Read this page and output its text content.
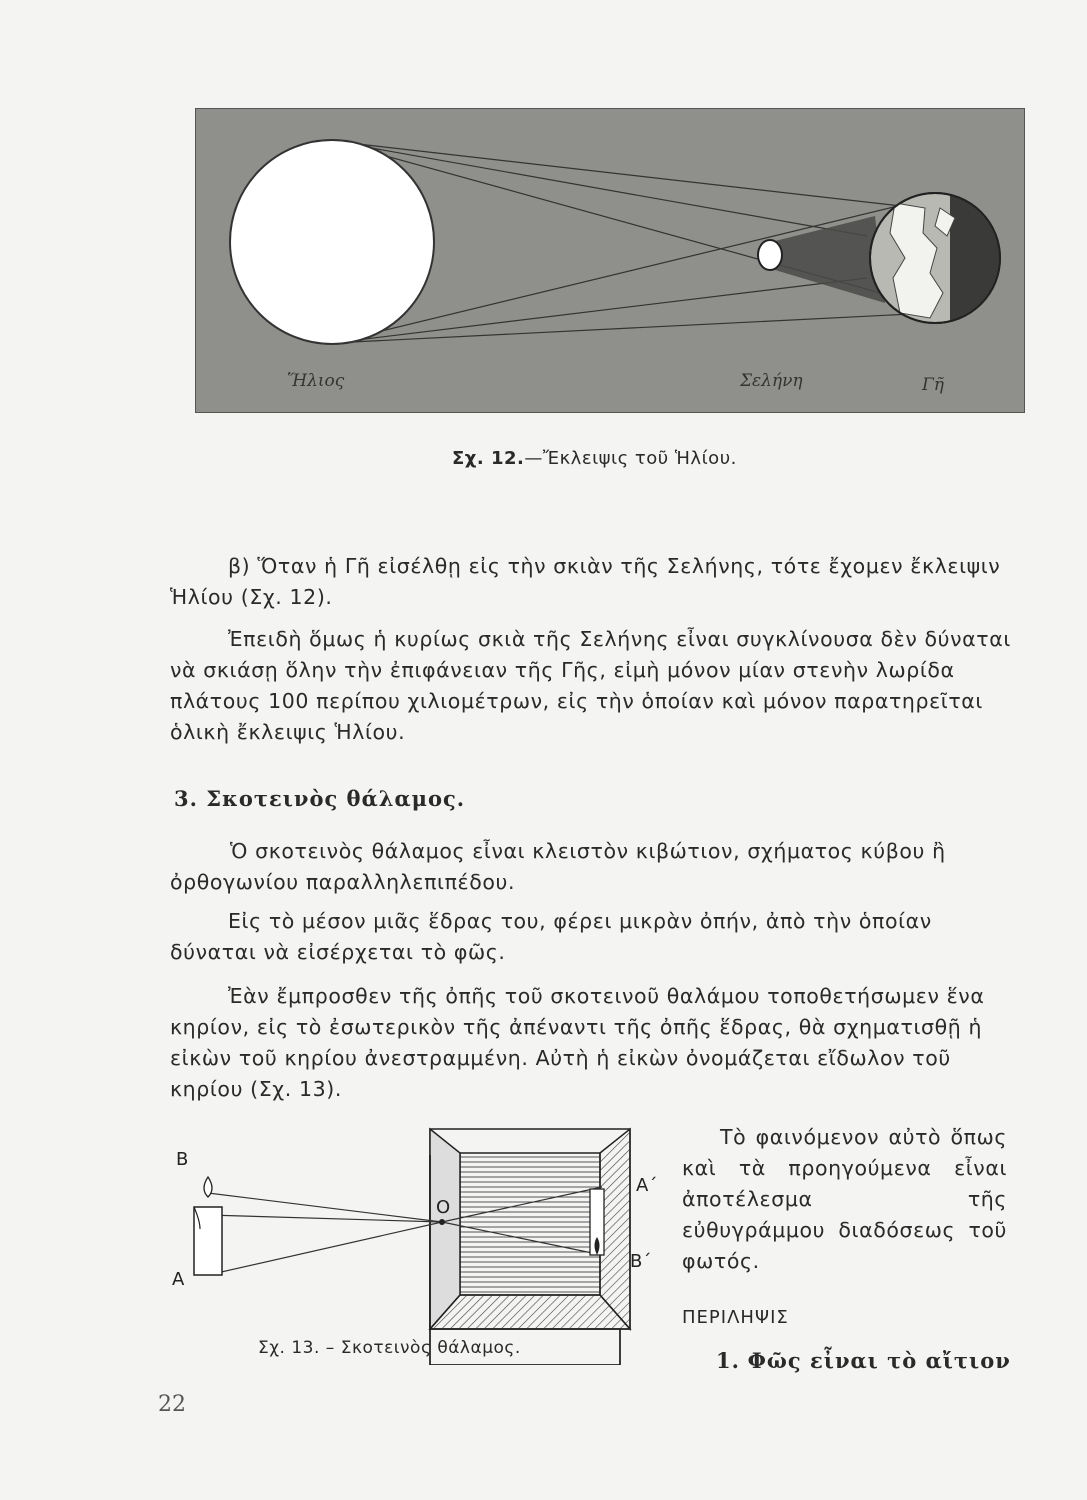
Ἥλιος	Σελήνη	Γῆ
Σχ. 12.—Ἔκλειψις τοῦ Ἡλίου.

β) Ὅταν ἡ Γῆ εἰσέλθῃ εἰς τὴν σκιὰν τῆς Σελήνης, τότε ἔχομεν ἔκλειψιν Ἡλίου (Σχ. 12).

Ἐπειδὴ ὅμως ἡ κυρίως σκιὰ τῆς Σελήνης εἶναι συγκλίνουσα δὲν δύναται νὰ σκιάσῃ ὅλην τὴν ἐπιφάνειαν τῆς Γῆς, εἰμὴ μόνον μίαν στενὴν λωρίδα πλάτους 100 περίπου χιλιομέτρων, εἰς τὴν ὁποίαν καὶ μόνον παρατηρεῖται ὁλικὴ ἔκλειψις Ἡλίου.

3. Σκοτεινὸς θάλαμος.

Ὁ σκοτεινὸς θάλαμος εἶναι κλειστὸν κιβώτιον, σχήματος κύβου ἢ ὀρθογωνίου παραλληλεπιπέδου.

Εἰς τὸ μέσον μιᾶς ἕδρας του, φέρει μικρὰν ὀπήν, ἀπὸ τὴν ὁποίαν δύναται νὰ εἰσέρχεται τὸ φῶς.

Ἐὰν ἔμπροσθεν τῆς ὀπῆς τοῦ σκοτεινοῦ θαλάμου τοποθετήσωμεν ἕνα κηρίον, εἰς τὸ ἐσωτερικὸν τῆς ἀπέναντι τῆς ὀπῆς ἕδρας, θὰ σχηματισθῇ ἡ εἰκὼν τοῦ κηρίου ἀνεστραμμένη. Αὐτὴ ἡ εἰκὼν ὀνομάζεται εἴδωλον τοῦ κηρίου (Σχ. 13).

B
A
O
A΄
B΄
Σχ. 13. – Σκοτεινὸς θάλαμος.

Τὸ φαινόμενον αὐτὸ ὅπως καὶ τὰ προηγούμενα εἶναι ἀποτέλεσμα τῆς εὐθυγράμμου διαδόσεως τοῦ φωτός.

ΠΕΡΙΛΗΨΙΣ
1. Φῶς εἶναι τὸ αἴτιον
22
